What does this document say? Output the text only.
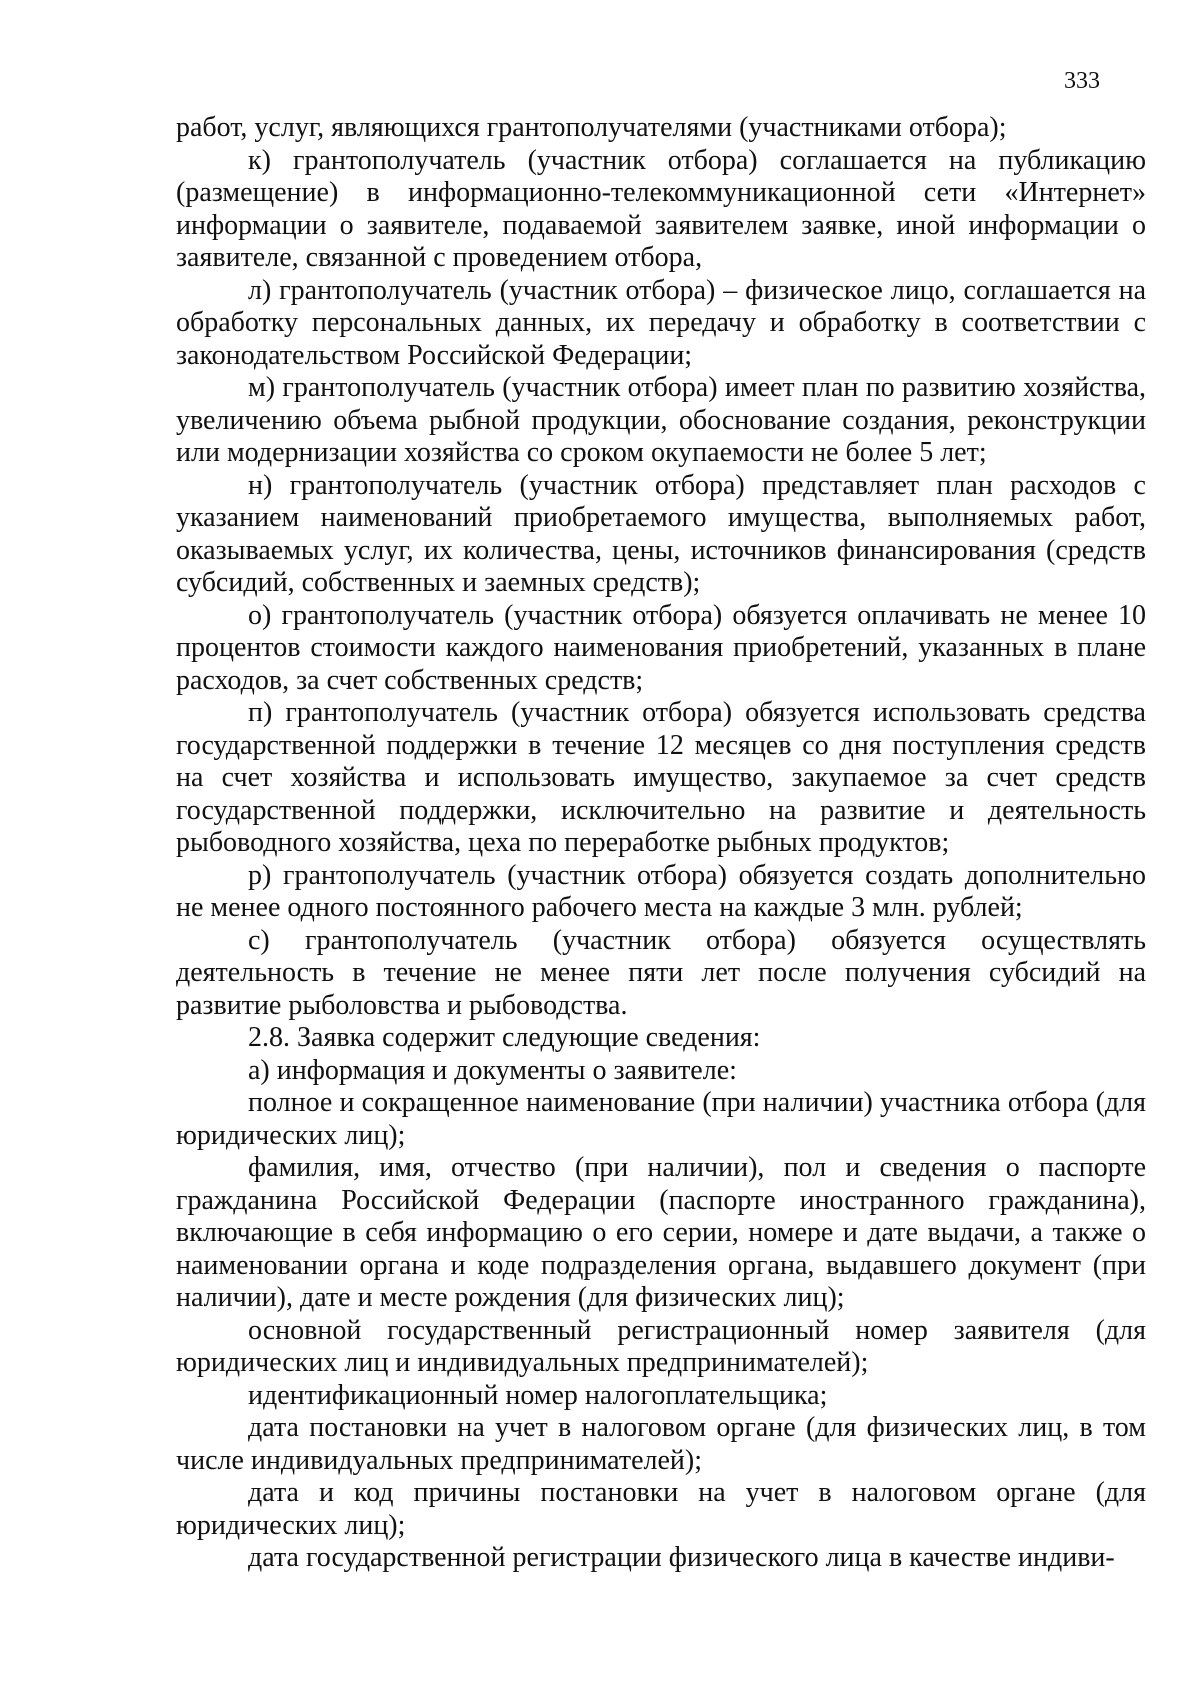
333

работ, услуг, являющихся грантополучателями (участниками отбора);

к) грантополучатель (участник отбора) соглашается на публикацию (размещение) в информационно-телекоммуникационной сети «Интернет» информации о заявителе, подаваемой заявителем заявке, иной информации о заявителе, связанной с проведением отбора,

л) грантополучатель (участник отбора) – физическое лицо, соглашается на обработку персональных данных, их передачу и обработку в соответствии с законодательством Российской Федерации;

м) грантополучатель (участник отбора) имеет план по развитию хозяйства, увеличению объема рыбной продукции, обоснование создания, реконструкции или модернизации хозяйства со сроком окупаемости не более 5 лет;

н) грантополучатель (участник отбора) представляет план расходов с указанием наименований приобретаемого имущества, выполняемых работ, оказываемых услуг, их количества, цены, источников финансирования (средств субсидий, собственных и заемных средств);

о) грантополучатель (участник отбора) обязуется оплачивать не менее 10 процентов стоимости каждого наименования приобретений, указанных в плане расходов, за счет собственных средств;

п) грантополучатель (участник отбора) обязуется использовать средства государственной поддержки в течение 12 месяцев со дня поступления средств на счет хозяйства и использовать имущество, закупаемое за счет средств государственной поддержки, исключительно на развитие и деятельность рыбоводного хозяйства, цеха по переработке рыбных продуктов;

р) грантополучатель (участник отбора) обязуется создать дополнительно не менее одного постоянного рабочего места на каждые 3 млн. рублей;

с) грантополучатель (участник отбора) обязуется осуществлять деятельность в течение не менее пяти лет после получения субсидий на развитие рыболовства и рыбоводства.

2.8. Заявка содержит следующие сведения:

а) информация и документы о заявителе:

полное и сокращенное наименование (при наличии) участника отбора (для юридических лиц);

фамилия, имя, отчество (при наличии), пол и сведения о паспорте гражданина Российской Федерации (паспорте иностранного гражданина), включающие в себя информацию о его серии, номере и дате выдачи, а также о наименовании органа и коде подразделения органа, выдавшего документ (при наличии), дате и месте рождения (для физических лиц);

основной государственный регистрационный номер заявителя (для юридических лиц и индивидуальных предпринимателей);

идентификационный номер налогоплательщика;

дата постановки на учет в налоговом органе (для физических лиц, в том числе индивидуальных предпринимателей);

дата и код причины постановки на учет в налоговом органе (для юридических лиц);

дата государственной регистрации физического лица в качестве индиви-
